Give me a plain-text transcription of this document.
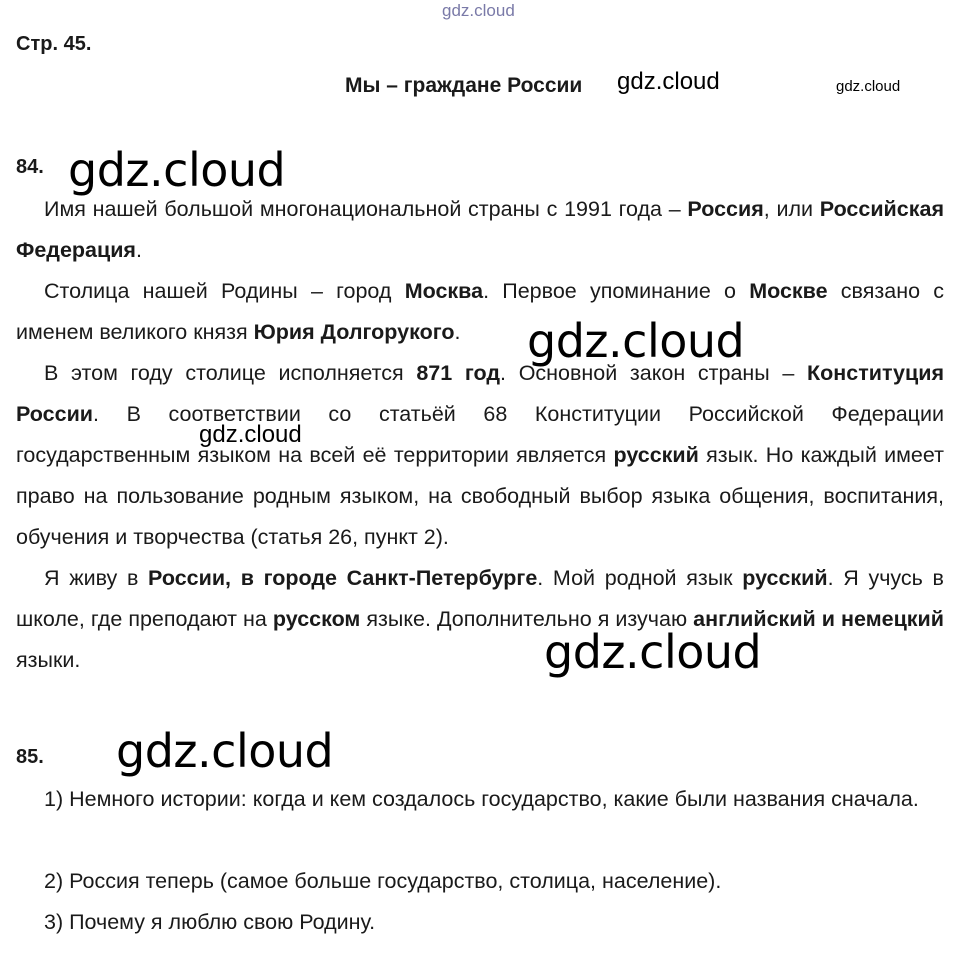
gdz.cloud
gdz.cloud	gdz.cloud
Стр. 45.
Мы – граждане России
84. gdz.cloud
Имя нашей большой многонациональной страны с 1991 года – Россия, или Российская Федерация.
Столица нашей Родины – город Москва. Первое упоминание о Москве связано с именем великого князя Юрия Долгорукого.	gdz.cloud
В этом году столице исполняется 871 год. Основной закон страны – Конституция России. В соответствии со статьёй 68 Конституции Российской Федерации государственным языком на всей её территории является русский язык. Но каждый имеет право на пользование родным языком, на свободный выбор языка общения, воспитания, обучения и творчества (статья 26, пункт 2).
gdz.cloud
Я живу в России, в городе Санкт-Петербурге. Мой родной язык русский. Я учусь в школе, где преподают на русском языке. Дополнительно я изучаю английский и немецкий языки.	gdz.cloud
85. gdz.cloud
1) Немного истории: когда и кем создалось государство, какие были названия сначала.
2) Россия теперь (самое больше государство, столица, население).
3) Почему я люблю свою Родину.
